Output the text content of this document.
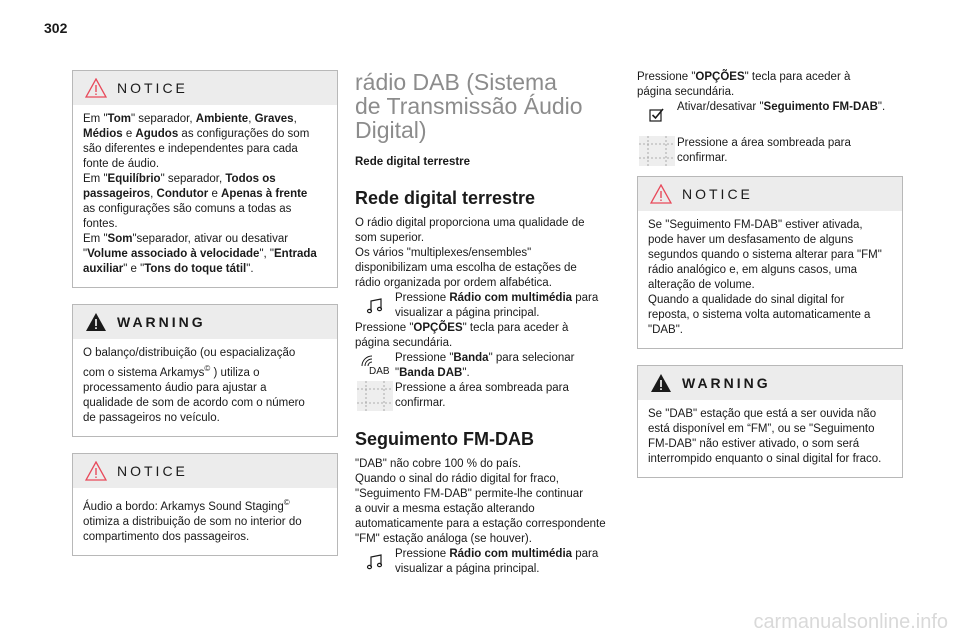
302
NOTICE

Em "Tom" separador, Ambiente, Graves,

Médios e Agudos as configurações do som

são diferentes e independentes para cada

fonte de áudio.

Em "Equilíbrio" separador, Todos os

passageiros, Condutor e Apenas à frente

as configurações são comuns a todas as

fontes.

Em "Som"separador, ativar ou desativar

"Volume associado à velocidade", "Entrada

auxiliar" e "Tons do toque tátil".

WARNING

O balanço/distribuição (ou espacialização

com o sistema Arkamys© ) utiliza o

processamento áudio para ajustar a

qualidade de som de acordo com o número

de passageiros no veículo.

NOTICE

Áudio a bordo: Arkamys Sound Staging©

otimiza a distribuição de som no interior do

compartimento dos passageiros.

rádio DAB (Sistema
de Transmissão Áudio
Digital)

Rede digital terrestre

Rede digital terrestre

O rádio digital proporciona uma qualidade de

som superior.

Os vários "multiplexes/ensembles"

disponibilizam uma escolha de estações de

rádio organizada por ordem alfabética.

Pressione Rádio com multimédia para
visualizar a página principal.

Pressione "OPÇÕES" tecla para aceder à

página secundária.

DAB
Pressione "Banda" para selecionar
"Banda DAB".
Pressione a área sombreada para
confirmar.
Seguimento FM-DAB

"DAB" não cobre 100 % do país.

Quando o sinal do rádio digital for fraco,

"Seguimento FM-DAB" permite-lhe continuar

a ouvir a mesma estação alterando

automaticamente para a estação correspondente

"FM" estação análoga (se houver).

Pressione Rádio com multimédia para
visualizar a página principal.

Pressione "OPÇÕES" tecla para aceder à

página secundária.

Ativar/desativar "Seguimento FM-DAB".
Pressione a área sombreada para
confirmar.
NOTICE

Se "Seguimento FM-DAB" estiver ativada,

pode haver um desfasamento de alguns

segundos quando o sistema alterar para "FM"

rádio analógico e, em alguns casos, uma

alteração de volume.

Quando a qualidade do sinal digital for

reposta, o sistema volta automaticamente a

"DAB".

WARNING

Se "DAB" estação que está a ser ouvida não

está disponível em “FM”, ou se "Seguimento

FM-DAB" não estiver ativado, o som será

interrompido enquanto o sinal digital for fraco.

carmanualsonline.info
